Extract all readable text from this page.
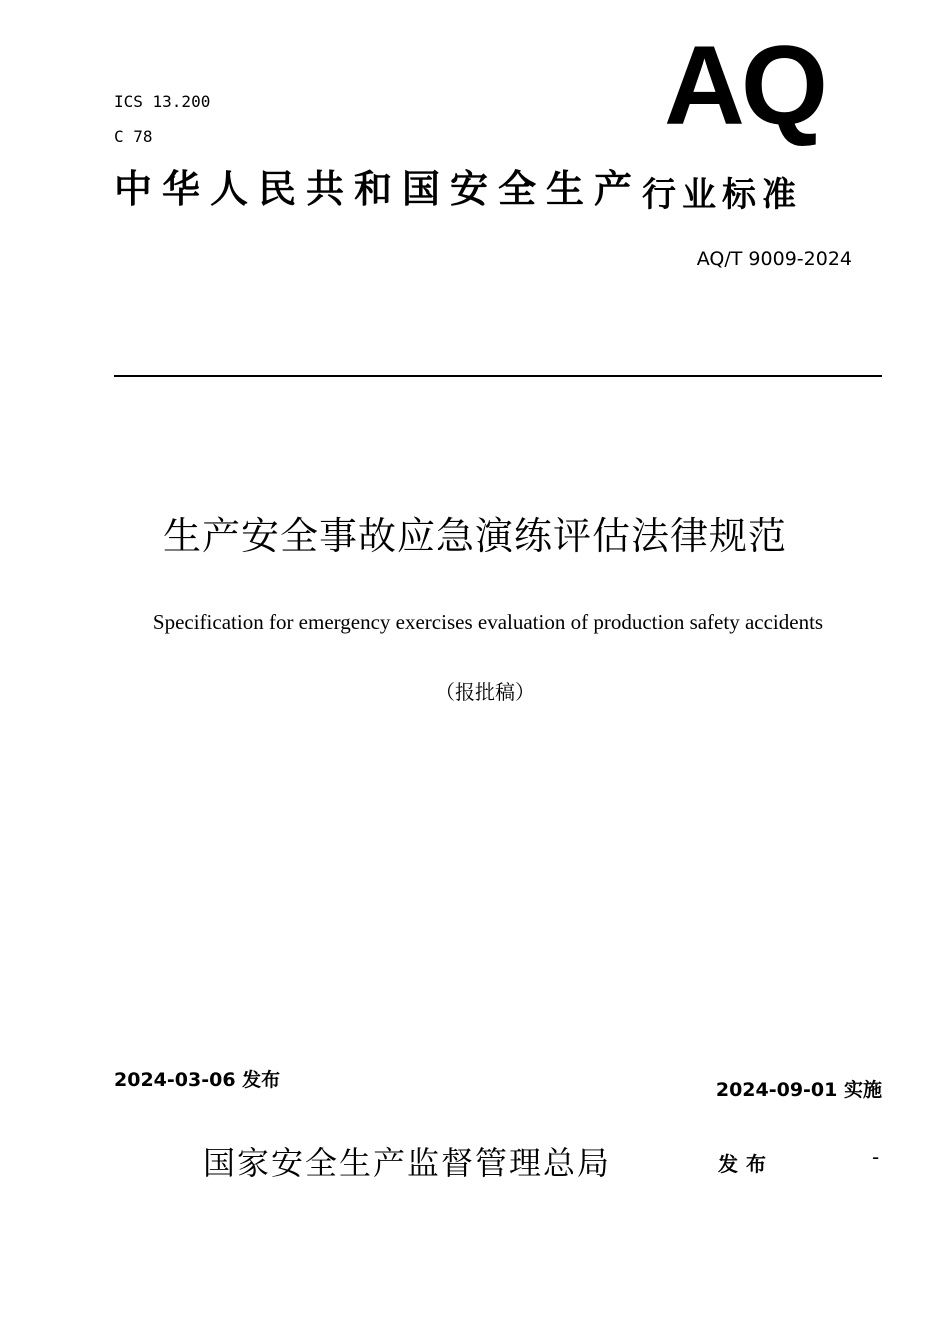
ICS 13.200
C 78	AQ
中华人民共和国安全生产行业标准
AQ/T 9009-2024
生产安全事故应急演练评估法律规范
Specification for emergency exercises evaluation of production safety accidents
（报批稿）
2024-03-06 发布	2024-09-01 实施
国家安全生产监督管理总局	发布	-
